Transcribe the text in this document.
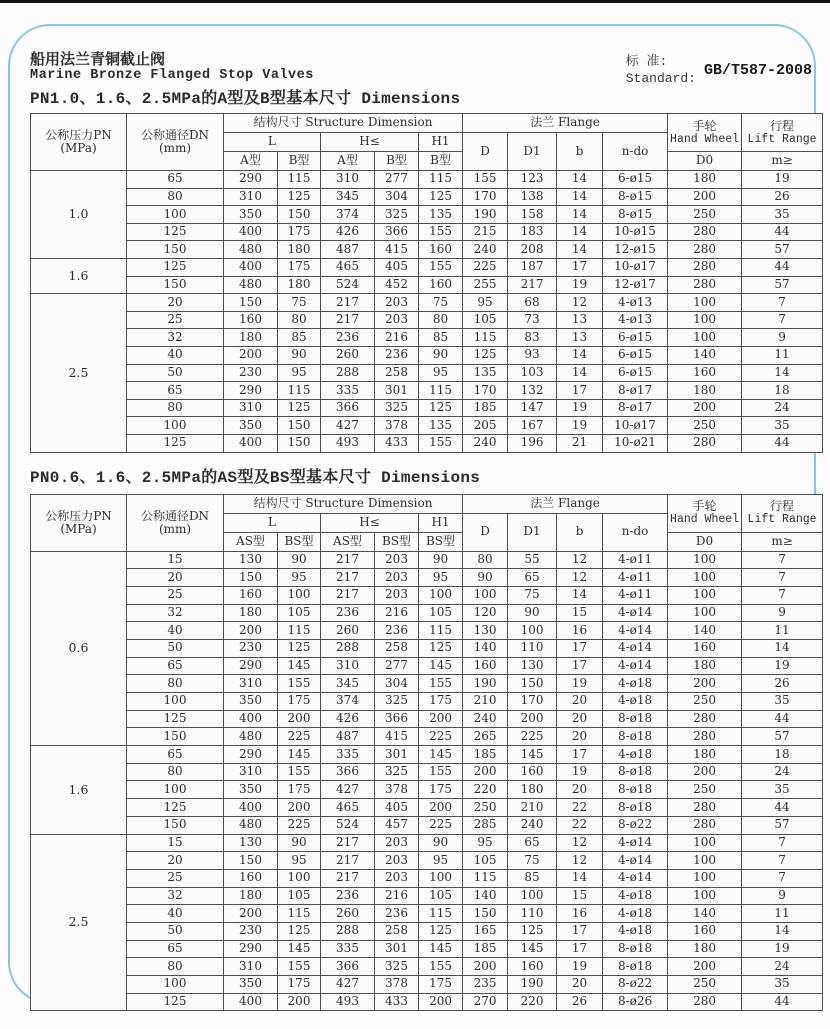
船用法兰青铜截止阀
Marine Bronze Flanged Stop Valves
标 准:
Standard: GB/T587-2008
PN1.0、1.6、2.5MPa的A型及B型基本尺寸 Dimensions
公称压力PN
(MPa)	公称通径DN
(mm)	结构尺寸 Structure Dimension					法兰 Flange				手轮
Hand Wheel	行程
Lift Range

		L		H≤		H1	D	D1	b	n-do		
		A型	B型	A型	B型	B型					D0	m≥
1.0	65	290	115	310	277	115	155	123	14	6-ø15	180	19
	80	310	125	345	304	125	170	138	14	8-ø15	200	26
	100	350	150	374	325	135	190	158	14	8-ø15	250	35
	125	400	175	426	366	155	215	183	14	10-ø15	280	44
	150	480	180	487	415	160	240	208	14	12-ø15	280	57
1.6	125	400	175	465	405	155	225	187	17	10-ø17	280	44
	150	480	180	524	452	160	255	217	19	12-ø17	280	57
2.5	20	150	75	217	203	75	95	68	12	4-ø13	100	7
	25	160	80	217	203	80	105	73	13	4-ø13	100	7
	32	180	85	236	216	85	115	83	13	6-ø15	100	9
	40	200	90	260	236	90	125	93	14	6-ø15	140	11
	50	230	95	288	258	95	135	103	14	6-ø15	160	14
	65	290	115	335	301	115	170	132	17	8-ø17	180	18
	80	310	125	366	325	125	185	147	19	8-ø17	200	24
	100	350	150	427	378	135	205	167	19	10-ø17	250	35
	125	400	150	493	433	155	240	196	21	10-ø21	280	44
PN0.6、1.6、2.5MPa的AS型及BS型基本尺寸 Dimensions
公称压力PN
(MPa)	公称通径DN
(mm)	结构尺寸 Structure Dimension					法兰 Flange				手轮
Hand Wheel	行程
Lift Range

		L		H≤		H1	D	D1	b	n-do		
		AS型	BS型	AS型	BS型	BS型					D0	m≥
0.6	15	130	90	217	203	90	80	55	12	4-ø11	100	7
	20	150	95	217	203	95	90	65	12	4-ø11	100	7
	25	160	100	217	203	100	100	75	14	4-ø11	100	7
	32	180	105	236	216	105	120	90	15	4-ø14	100	9
	40	200	115	260	236	115	130	100	16	4-ø14	140	11
	50	230	125	288	258	125	140	110	17	4-ø14	160	14
	65	290	145	310	277	145	160	130	17	4-ø14	180	19
	80	310	155	345	304	155	190	150	19	4-ø18	200	26
	100	350	175	374	325	175	210	170	20	4-ø18	250	35
	125	400	200	426	366	200	240	200	20	8-ø18	280	44
	150	480	225	487	415	225	265	225	20	8-ø18	280	57
1.6	65	290	145	335	301	145	185	145	17	4-ø18	180	18
	80	310	155	366	325	155	200	160	19	8-ø18	200	24
	100	350	175	427	378	175	220	180	20	8-ø18	250	35
	125	400	200	465	405	200	250	210	22	8-ø18	280	44
	150	480	225	524	457	225	285	240	22	8-ø22	280	57
2.5	15	130	90	217	203	90	95	65	12	4-ø14	100	7
	20	150	95	217	203	95	105	75	12	4-ø14	100	7
	25	160	100	217	203	100	115	85	14	4-ø14	100	7
	32	180	105	236	216	105	140	100	15	4-ø18	100	9
	40	200	115	260	236	115	150	110	16	4-ø18	140	11
	50	230	125	288	258	125	165	125	17	4-ø18	160	14
	65	290	145	335	301	145	185	145	17	8-ø18	180	19
	80	310	155	366	325	155	200	160	19	8-ø18	200	24
	100	350	175	427	378	175	235	190	20	8-ø22	250	35
	125	400	200	493	433	200	270	220	26	8-ø26	280	44
